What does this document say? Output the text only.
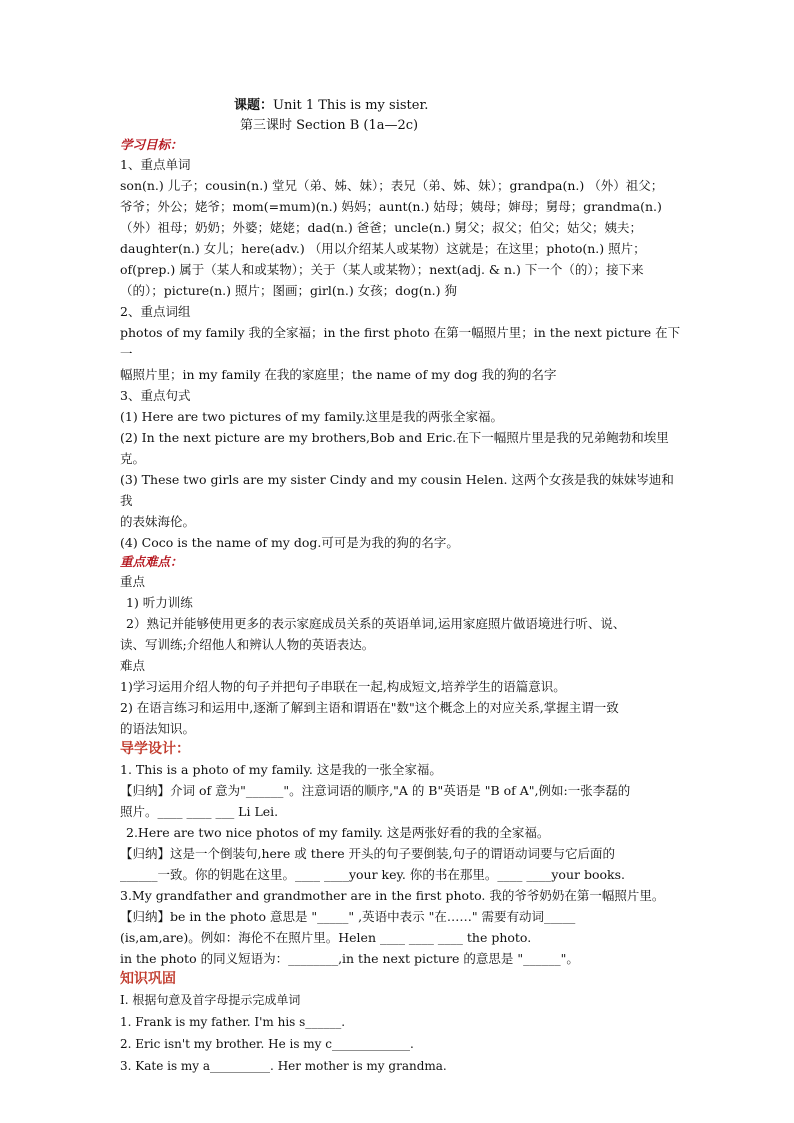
课题：Unit 1 This is my sister.
第三课时 Section B (1a—2c)
学习目标：

1、重点单词

son(n.) 儿子；cousin(n.) 堂兄（弟、姊、妹）；表兄（弟、姊、妹）；grandpa(n.) （外）祖父；

爷爷；外公；姥爷；mom(=mum)(n.) 妈妈；aunt(n.) 姑母；姨母；婶母；舅母；grandma(n.)

（外）祖母；奶奶；外婆；姥姥；dad(n.) 爸爸；uncle(n.) 舅父；叔父；伯父；姑父；姨夫；

daughter(n.) 女儿；here(adv.) （用以介绍某人或某物）这就是；在这里；photo(n.) 照片；

of(prep.) 属于（某人和或某物）；关于（某人或某物）；next(adj. & n.) 下一个（的）；接下来

（的）；picture(n.) 照片；图画；girl(n.) 女孩；dog(n.) 狗

2、重点词组

photos of my family 我的全家福；in the first photo 在第一幅照片里；in the next picture 在下一

幅照片里；in my family 在我的家庭里；the name of my dog 我的狗的名字

3、重点句式

(1) Here are two pictures of my family.这里是我的两张全家福。

(2) In the next picture are my brothers,Bob and Eric.在下一幅照片里是我的兄弟鲍勃和埃里克。

(3) These two girls are my sister Cindy and my cousin Helen. 这两个女孩是我的妹妹岑迪和我

的表妹海伦。

(4) Coco is the name of my dog.可可是为我的狗的名字。

重点难点：

重点

1) 听力训练

2）熟记并能够使用更多的表示家庭成员关系的英语单词,运用家庭照片做语境进行听、说、

读、写训练;介绍他人和辨认人物的英语表达。

难点

1)学习运用介绍人物的句子并把句子串联在一起,构成短文,培养学生的语篇意识。

2) 在语言练习和运用中,逐渐了解到主语和谓语在"数"这个概念上的对应关系,掌握主谓一致

的语法知识。

导学设计：

1. This is a photo of my family. 这是我的一张全家福。

【归纳】介词 of 意为"______"。注意词语的顺序,"A 的 B"英语是 "B of A",例如:一张李磊的

照片。____ ____ ___ Li Lei.

2.Here are two nice photos of my family. 这是两张好看的我的全家福。

【归纳】这是一个倒装句,here 或 there 开头的句子要倒装,句子的谓语动词要与它后面的

______一致。你的钥匙在这里。____ ____your key. 你的书在那里。____ ____your books.

3.My grandfather and grandmother are in the first photo. 我的爷爷奶奶在第一幅照片里。

【归纳】be in the photo 意思是 "_____" ,英语中表示 "在……" 需要有动词_____

(is,am,are)。例如：海伦不在照片里。Helen ____ ____ ____ the photo.

in the photo 的同义短语为：________,in the next picture 的意思是 "______"。

知识巩固

Ⅰ. 根据句意及首字母提示完成单词

1. Frank is my father. I'm his s______.

2. Eric isn't my brother. He is my c_____________.

3. Kate is my a__________. Her mother is my grandma.
